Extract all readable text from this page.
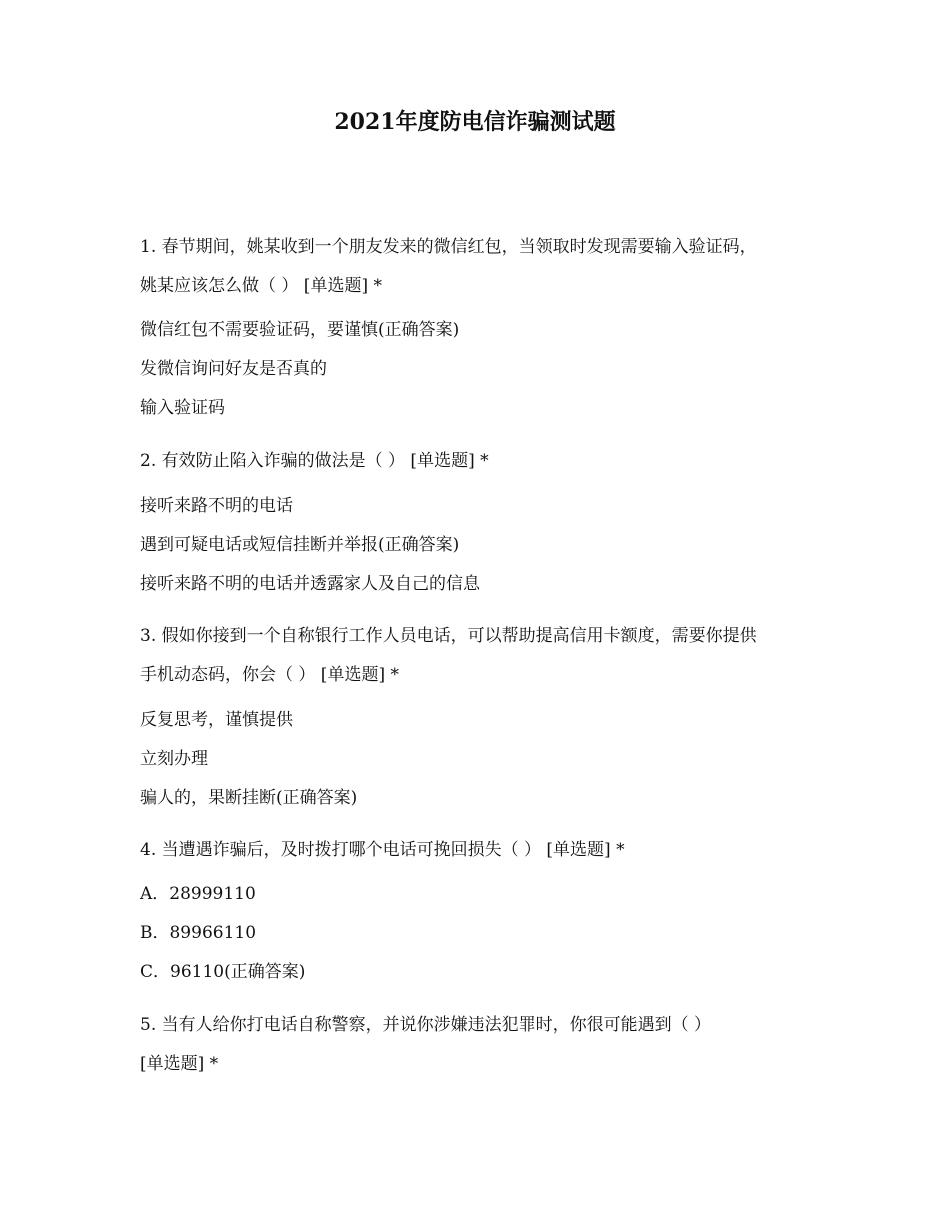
2021年度防电信诈骗测试题
1. 春节期间，姚某收到一个朋友发来的微信红包，当领取时发现需要输入验证码，
姚某应该怎么做（ ） [单选题] *
微信红包不需要验证码，要谨慎(正确答案)
发微信询问好友是否真的
输入验证码
2. 有效防止陷入诈骗的做法是（ ） [单选题] *
接听来路不明的电话
遇到可疑电话或短信挂断并举报(正确答案)
接听来路不明的电话并透露家人及自己的信息
3. 假如你接到一个自称银行工作人员电话，可以帮助提高信用卡额度，需要你提供
手机动态码，你会（ ） [单选题] *
反复思考，谨慎提供
立刻办理
骗人的，果断挂断(正确答案)
4. 当遭遇诈骗后，及时拨打哪个电话可挽回损失（ ） [单选题] *
A．28999110
B．89966110
C．96110(正确答案)
5. 当有人给你打电话自称警察，并说你涉嫌违法犯罪时，你很可能遇到（ ）
[单选题] *
